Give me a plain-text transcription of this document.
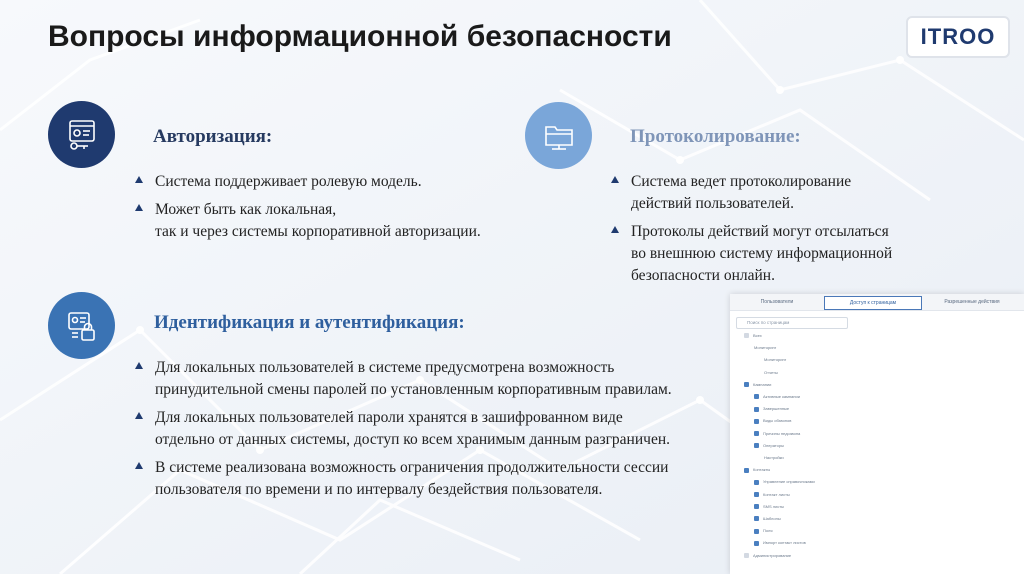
Вопросы информационной безопасности	ITROO
Авторизация:
Система поддерживает ролевую модель.
Может быть как локальная,
так и через системы корпоративной авторизации.
Протоколирование:
Система ведет протоколирование
действий пользователей.
Протоколы действий могут отсылаться
во внешнюю систему информационной
безопасности онлайн.
Идентификация и аутентификация:
Для локальных пользователей в системе предусмотрена возможность
принудительной смены паролей по установленным корпоративным правилам.
Для локальных пользователей пароли хранятся в зашифрованном виде
отдельно от данных системы, доступ ко всем хранимым данным разграничен.
В системе реализована возможность ограничения продолжительности сессии
пользователя по времени и по интервалу бездействия пользователя.
Пользователи	Доступ к страницам	Разрешенные действия
Поиск по страницам
Всех
Мониторинг
Мониторинг
Отчеты
Кампании
Активные кампании
Завершенные
Виды обзвонов
Причины недозвона
Операторы
Настройки
Контакты
Управление справочниками
Контакт листы
SMS листы
Шаблоны
Поля
Импорт контакт листов
Администрирование
